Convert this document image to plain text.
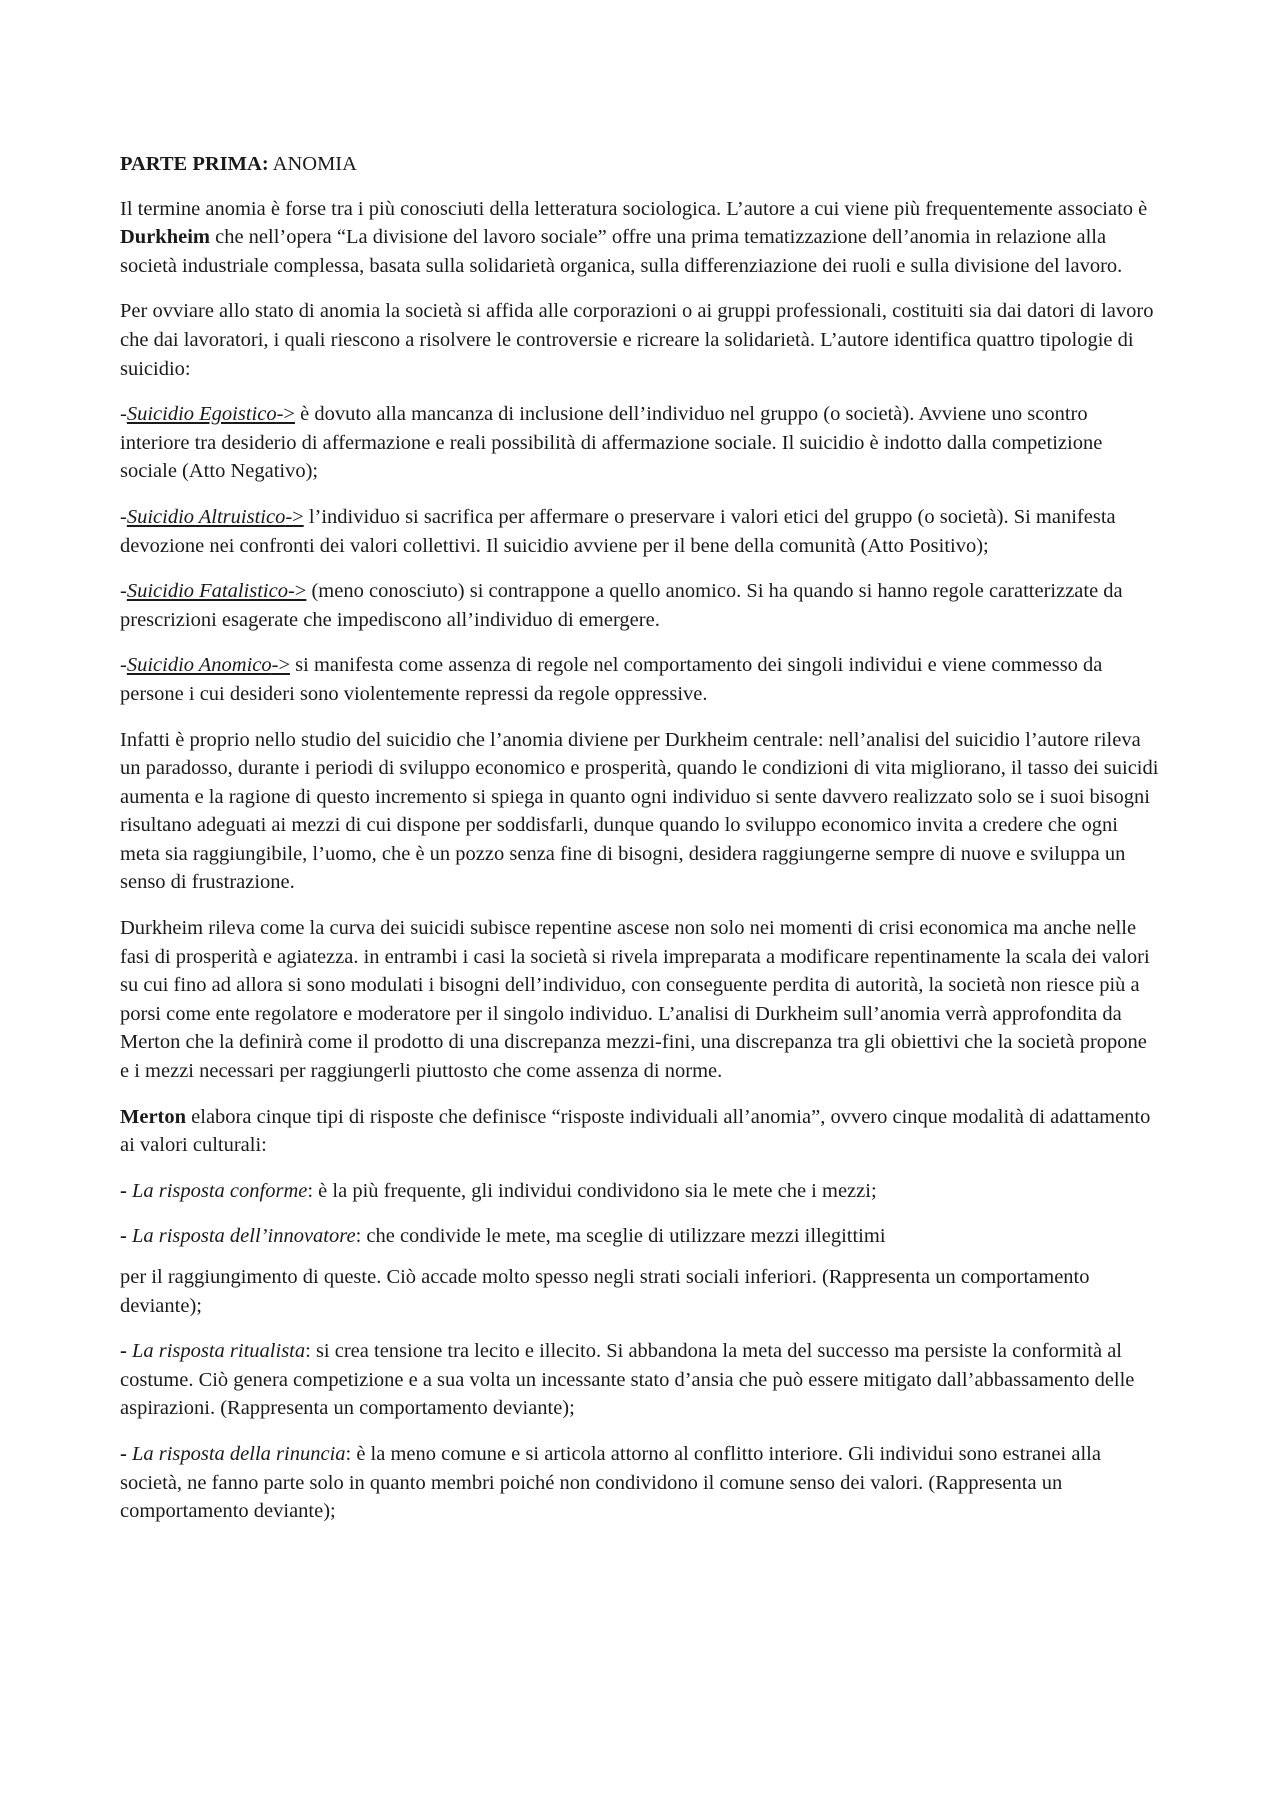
PARTE PRIMA: ANOMIA

Il termine anomia è forse tra i più conosciuti della letteratura sociologica. L’autore a cui viene più frequentemente associato è Durkheim che nell’opera “La divisione del lavoro sociale” offre una prima tematizzazione dell’anomia in relazione alla società industriale complessa, basata sulla solidarietà organica, sulla differenziazione dei ruoli e sulla divisione del lavoro.

Per ovviare allo stato di anomia la società si affida alle corporazioni o ai gruppi professionali, costituiti sia dai datori di lavoro che dai lavoratori, i quali riescono a risolvere le controversie e ricreare la solidarietà. L’autore identifica quattro tipologie di suicidio:

-Suicidio Egoistico-> è dovuto alla mancanza di inclusione dell’individuo nel gruppo (o società). Avviene uno scontro interiore tra desiderio di affermazione e reali possibilità di affermazione sociale. Il suicidio è indotto dalla competizione sociale (Atto Negativo);

-Suicidio Altruistico-> l’individuo si sacrifica per affermare o preservare i valori etici del gruppo (o società). Si manifesta devozione nei confronti dei valori collettivi. Il suicidio avviene per il bene della comunità (Atto Positivo);

-Suicidio Fatalistico-> (meno conosciuto) si contrappone a quello anomico. Si ha quando si hanno regole caratterizzate da prescrizioni esagerate che impediscono all’individuo di emergere.

-Suicidio Anomico-> si manifesta come assenza di regole nel comportamento dei singoli individui e viene commesso da persone i cui desideri sono violentemente repressi da regole oppressive.

Infatti è proprio nello studio del suicidio che l’anomia diviene per Durkheim centrale: nell’analisi del suicidio l’autore rileva un paradosso, durante i periodi di sviluppo economico e prosperità, quando le condizioni di vita migliorano, il tasso dei suicidi aumenta e la ragione di questo incremento si spiega in quanto ogni individuo si sente davvero realizzato solo se i suoi bisogni risultano adeguati ai mezzi di cui dispone per soddisfarli, dunque quando lo sviluppo economico invita a credere che ogni meta sia raggiungibile, l’uomo, che è un pozzo senza fine di bisogni, desidera raggiungerne sempre di nuove e sviluppa un senso di frustrazione.

Durkheim rileva come la curva dei suicidi subisce repentine ascese non solo nei momenti di crisi economica ma anche nelle fasi di prosperità e agiatezza. in entrambi i casi la società si rivela impreparata a modificare repentinamente la scala dei valori su cui fino ad allora si sono modulati i bisogni dell’individuo, con conseguente perdita di autorità, la società non riesce più a porsi come ente regolatore e moderatore per il singolo individuo. L’analisi di Durkheim sull’anomia verrà approfondita da Merton che la definirà come il prodotto di una discrepanza mezzi-fini, una discrepanza tra gli obiettivi che la società propone e i mezzi necessari per raggiungerli piuttosto che come assenza di norme.

Merton elabora cinque tipi di risposte che definisce “risposte individuali all’anomia”, ovvero cinque modalità di adattamento ai valori culturali:

- La risposta conforme: è la più frequente, gli individui condividono sia le mete che i mezzi;

- La risposta dell’innovatore: che condivide le mete, ma sceglie di utilizzare mezzi illegittimi

per il raggiungimento di queste. Ciò accade molto spesso negli strati sociali inferiori. (Rappresenta un comportamento deviante);

- La risposta ritualista: si crea tensione tra lecito e illecito. Si abbandona la meta del successo ma persiste la conformità al costume. Ciò genera competizione e a sua volta un incessante stato d’ansia che può essere mitigato dall’abbassamento delle aspirazioni. (Rappresenta un comportamento deviante);

- La risposta della rinuncia: è la meno comune e si articola attorno al conflitto interiore. Gli individui sono estranei alla società, ne fanno parte solo in quanto membri poiché non condividono il comune senso dei valori. (Rappresenta un comportamento deviante);
